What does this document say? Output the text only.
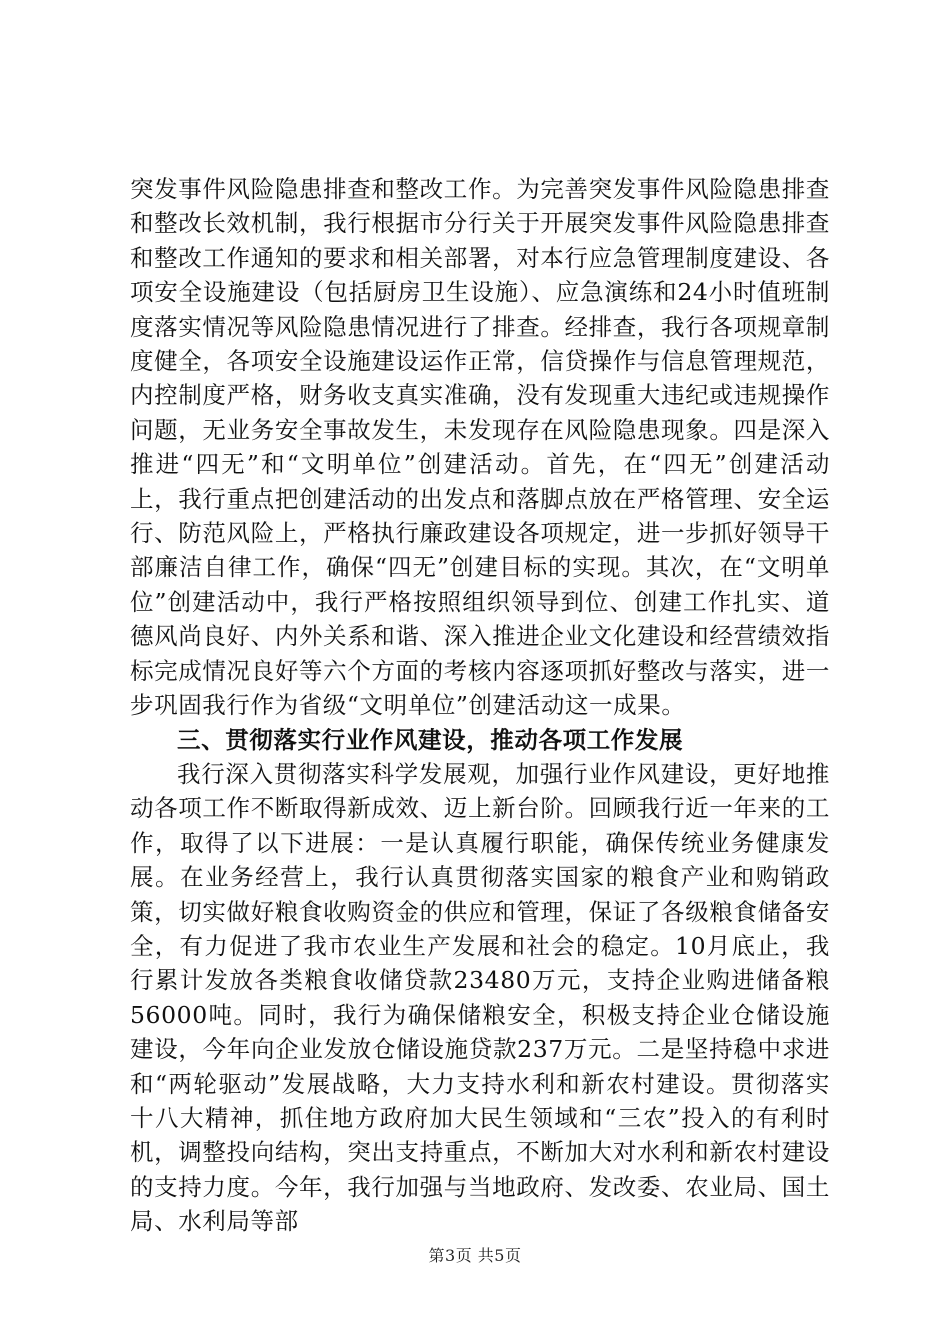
突发事件风险隐患排查和整改工作。为完善突发事件风险隐患排查和整改长效机制，我行根据市分行关于开展突发事件风险隐患排查和整改工作通知的要求和相关部署，对本行应急管理制度建设、各项安全设施建设（包括厨房卫生设施）、应急演练和24小时值班制度落实情况等风险隐患情况进行了排查。经排查，我行各项规章制度健全，各项安全设施建设运作正常，信贷操作与信息管理规范，内控制度严格，财务收支真实准确，没有发现重大违纪或违规操作问题，无业务安全事故发生，未发现存在风险隐患现象。四是深入推进“四无”和“文明单位”创建活动。首先，在“四无”创建活动上，我行重点把创建活动的出发点和落脚点放在严格管理、安全运行、防范风险上，严格执行廉政建设各项规定，进一步抓好领导干部廉洁自律工作，确保“四无”创建目标的实现。其次，在“文明单位”创建活动中，我行严格按照组织领导到位、创建工作扎实、道德风尚良好、内外关系和谐、深入推进企业文化建设和经营绩效指标完成情况良好等六个方面的考核内容逐项抓好整改与落实，进一步巩固我行作为省级“文明单位”创建活动这一成果。

三、贯彻落实行业作风建设，推动各项工作发展

我行深入贯彻落实科学发展观，加强行业作风建设，更好地推动各项工作不断取得新成效、迈上新台阶。回顾我行近一年来的工作，取得了以下进展：一是认真履行职能，确保传统业务健康发展。在业务经营上，我行认真贯彻落实国家的粮食产业和购销政策，切实做好粮食收购资金的供应和管理，保证了各级粮食储备安全，有力促进了我市农业生产发展和社会的稳定。10月底止，我行累计发放各类粮食收储贷款23480万元，支持企业购进储备粮56000吨。同时，我行为确保储粮安全，积极支持企业仓储设施建设，今年向企业发放仓储设施贷款237万元。二是坚持稳中求进和“两轮驱动”发展战略，大力支持水利和新农村建设。贯彻落实十八大精神，抓住地方政府加大民生领域和“三农”投入的有利时机，调整投向结构，突出支持重点，不断加大对水利和新农村建设的支持力度。今年，我行加强与当地政府、发改委、农业局、国土局、水利局等部

第3页 共5页
